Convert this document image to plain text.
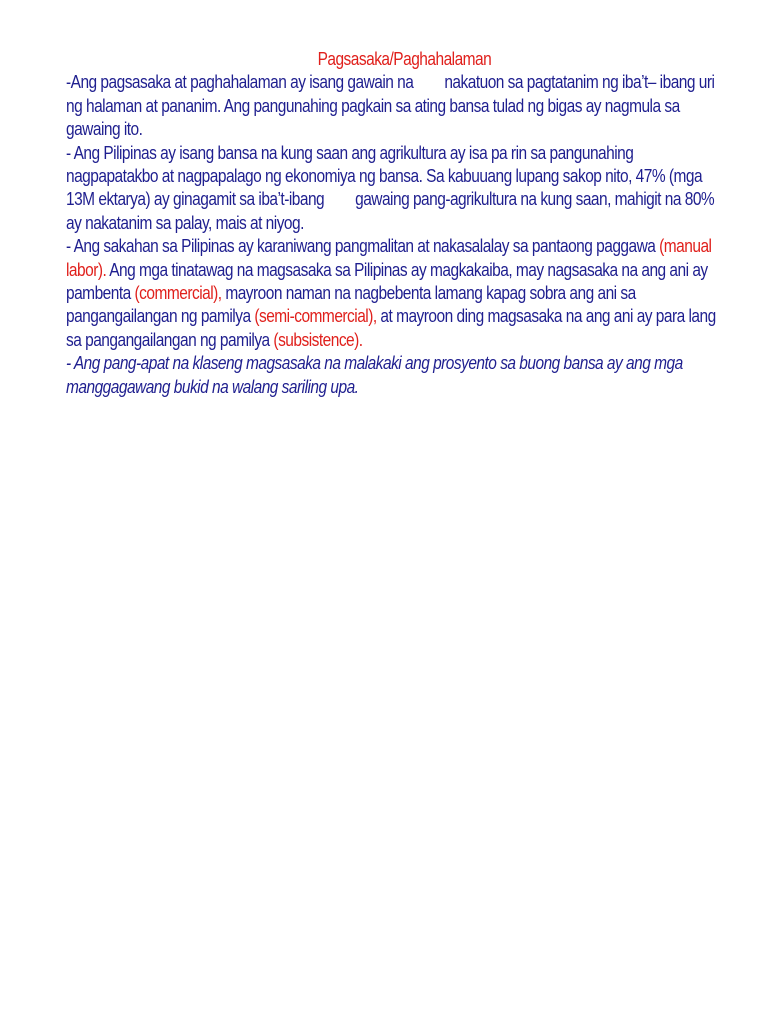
Pagsasaka/Paghahalaman

-Ang pagsasaka at paghahalaman ay isang gawain na nakatuon sa pagtatanim ng iba’t– ibang uri ng halaman at pananim. Ang pangunahing pagkain sa ating bansa tulad ng bigas ay nagmula sa gawaing ito.

- Ang Pilipinas ay isang bansa na kung saan ang agrikultura ay isa pa rin sa pangunahing nagpapatakbo at nagpapalago ng ekonomiya ng bansa. Sa kabuuang lupang sakop nito, 47% (mga 13M ektarya) ay ginagamit sa iba’t-ibang gawaing pang-agrikultura na kung saan, mahigit na 80% ay nakatanim sa palay, mais at niyog.

- Ang sakahan sa Pilipinas ay karaniwang pangmalitan at nakasalalay sa pantaong paggawa (manual labor). Ang mga tinatawag na magsasaka sa Pilipinas ay magkakaiba, may nagsasaka na ang ani ay pambenta (commercial), mayroon naman na nagbebenta lamang kapag sobra ang ani sa pangangailangan ng pamilya (semi-commercial), at mayroon ding magsasaka na ang ani ay para lang sa pangangailangan ng pamilya (subsistence).

- Ang pang-apat na klaseng magsasaka na malakaki ang prosyento sa buong bansa ay ang mga manggagawang bukid na walang sariling upa.
